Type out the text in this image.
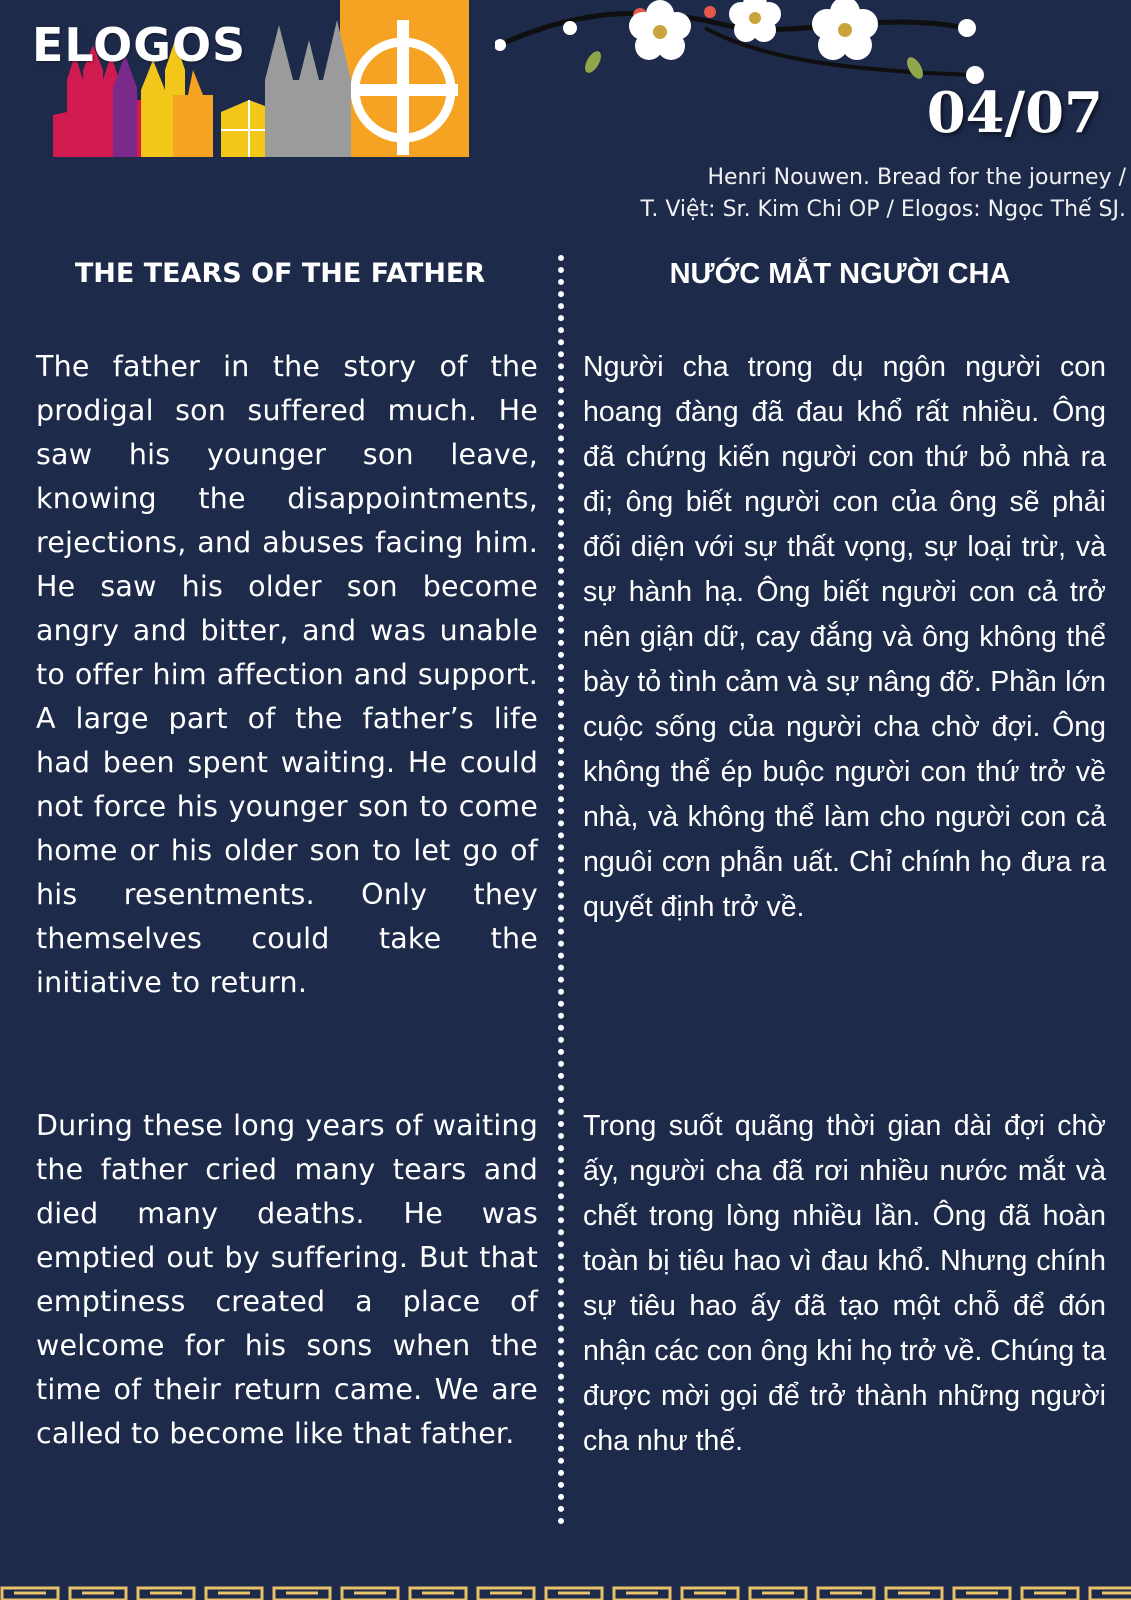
ELOGOS
04/07
Henri Nouwen. Bread for the journey /
T. Việt: Sr. Kim Chi OP / Elogos: Ngọc Thế SJ.
THE TEARS OF THE FATHER	NƯỚC MẮT NGƯỜI CHA
The father in the story of the prodigal son suffered much. He saw his younger son leave, knowing the disappointments, rejections, and abuses facing him. He saw his older son become angry and bitter, and was unable to offer him affection and support. A large part of the father’s life had been spent waiting. He could not force his younger son to come home or his older son to let go of his resentments. Only they themselves could take the initiative to return.
During these long years of waiting the father cried many tears and died many deaths. He was emptied out by suffering. But that emptiness created a place of welcome for his sons when the time of their return came. We are called to become like that father.
Người cha trong dụ ngôn người con hoang đàng đã đau khổ rất nhiều. Ông đã chứng kiến người con thứ bỏ nhà ra đi; ông biết người con của ông sẽ phải đối diện với sự thất vọng, sự loại trừ, và sự hành hạ. Ông biết người con cả trở nên giận dữ, cay đắng và ông không thể bày tỏ tình cảm và sự nâng đỡ. Phần lớn cuộc sống của người cha chờ đợi. Ông không thể ép buộc người con thứ trở về nhà, và không thể làm cho người con cả nguôi cơn phẫn uất. Chỉ chính họ đưa ra quyết định trở về.
Trong suốt quãng thời gian dài đợi chờ ấy, người cha đã rơi nhiều nước mắt và chết trong lòng nhiều lần. Ông đã hoàn toàn bị tiêu hao vì đau khổ. Nhưng chính sự tiêu hao ấy đã tạo một chỗ để đón nhận các con ông khi họ trở về. Chúng ta được mời gọi để trở thành những người cha như thế.
